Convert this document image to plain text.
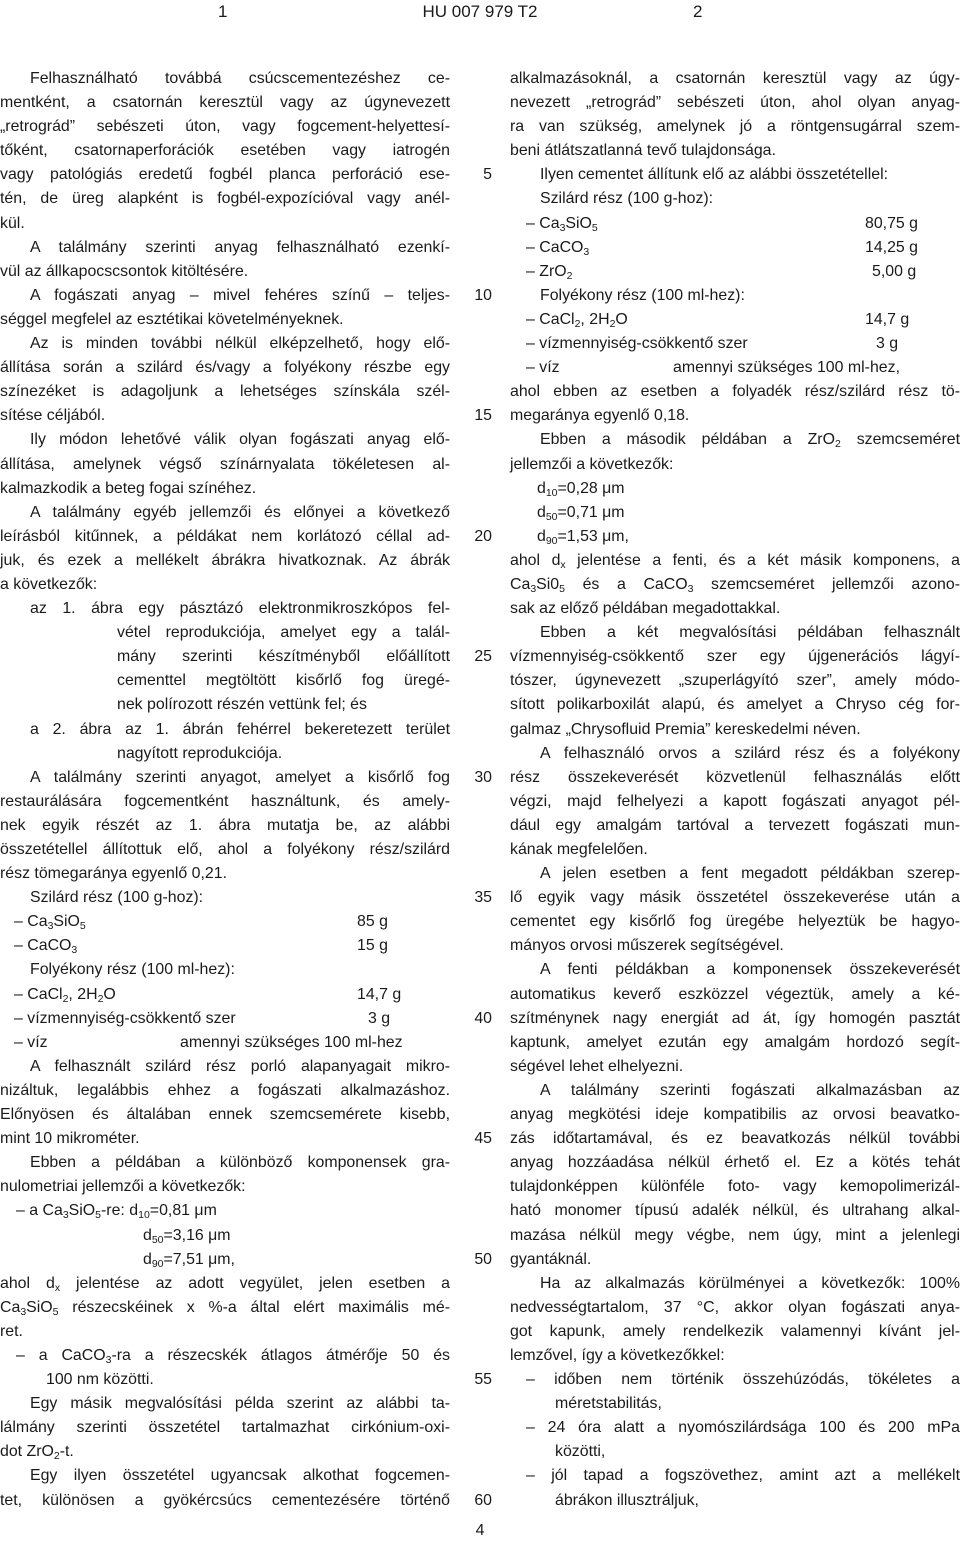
1	HU 007 979 T2	2
Felhasználható továbbá csúcscementezéshez ce-
mentként, a csatornán keresztül vagy az úgynevezett
„retrográd” sebészeti úton, vagy fogcement-helyettesí-
tőként, csatornaperforációk esetében vagy iatrogén
vagy patológiás eredetű fogbél planca perforáció ese-
tén, de üreg alapként is fogbél-expozícióval vagy anél-
kül.
A találmány szerinti anyag felhasználható ezenkí-
vül az állkapocscsontok kitöltésére.
A fogászati anyag – mivel fehéres színű – teljes-
séggel megfelel az esztétikai követelményeknek.
Az is minden további nélkül elképzelhető, hogy elő-
állítása során a szilárd és/vagy a folyékony részbe egy
színezéket is adagoljunk a lehetséges színskála szél-
sítése céljából.
Ily módon lehetővé válik olyan fogászati anyag elő-
állítása, amelynek végső színárnyalata tökéletesen al-
kalmazkodik a beteg fogai színéhez.
A találmány egyéb jellemzői és előnyei a következő
leírásból kitűnnek, a példákat nem korlátozó céllal ad-
juk, és ezek a mellékelt ábrákra hivatkoznak. Az ábrák
a következők:
az 1. ábra egy pásztázó elektronmikroszkópos fel-
vétel reprodukciója, amelyet egy a talál-
mány szerinti készítményből előállított
cementtel megtöltött kisőrlő fog üregé-
nek polírozott részén vettünk fel; és
a 2. ábra az 1. ábrán fehérrel bekeretezett terület
nagyított reprodukciója.
A találmány szerinti anyagot, amelyet a kisőrlő fog
restaurálására fogcementként használtunk, és amely-
nek egyik részét az 1. ábra mutatja be, az alábbi
összetétellel állítottuk elő, ahol a folyékony rész/szilárd
rész tömegaránya egyenlő 0,21.
Szilárd rész (100 g-hoz):
– $Ca_3SiO_5$	85 g
– CaCO$_3$	15 g
Folyékony rész (100 ml-hez):
– CaCl$_2$, $2H_2O$	14,7 g
– vízmennyiség-csökkentő szer	3 g
– víz	amennyi szükséges 100 ml-hez
A felhasznált szilárd rész porló alapanyagait mikro-
nizáltuk, legalábbis ehhez a fogászati alkalmazáshoz.
Előnyösen és általában ennek szemcsemérete kisebb,
mint 10 mikrométer.
Ebben a példában a különböző komponensek gra-
nulometriai jellemzői a következők:
– a $Ca_3SiO_5-re$: $d_{10}=0,81$ μm
$d_{50}=3,16$ μm
$d_{90}=7,51$ μm,
ahol $d_x$ jelentése az adott vegyület, jelen esetben a
$Ca_3SiO_5$ részecskéinek x %-a által elért maximális mé-
ret.
– a CaCO$_3$-ra a részecskék átlagos átmérője 50 és
100 nm közötti.
Egy másik megvalósítási példa szerint az alábbi ta-
lálmány szerinti összetétel tartalmazhat cirkónium-oxi-
dot ZrO$_2$-t.
Egy ilyen összetétel ugyancsak alkothat fogcemen-
tet, különösen a gyökércsúcs cementezésére történő
5
10
15
20
25
30
35
40
45
50
55
60
alkalmazásoknál, a csatornán keresztül vagy az úgy-
nevezett „retrográd” sebészeti úton, ahol olyan anyag-
ra van szükség, amelynek jó a röntgensugárral szem-
beni átlátszatlanná tevő tulajdonsága.
Ilyen cementet állítunk elő az alábbi összetétellel:
Szilárd rész (100 g-hoz):
– $Ca_3SiO_5$	80,75 g
– CaCO$_3$	14,25 g
– ZrO$_2$	5,00 g
Folyékony rész (100 ml-hez):
– CaCl$_2$, $2H_2O$	14,7 g
– vízmennyiség-csökkentő szer	3 g
– víz	amennyi szükséges 100 ml-hez,
ahol ebben az esetben a folyadék rész/szilárd rész tö-
megaránya egyenlő 0,18.
Ebben a második példában a ZrO$_2$ szemcseméret
jellemzői a következők:
$d_{10}=0,28$ μm
$d_{50}=0,71$ μm
$d_{90}=1,53$ μm,
ahol $d_x$ jelentése a fenti, és a két másik komponens, a
$Ca_3Si0_5$ és a CaCO$_3$ szemcseméret jellemzői azono-
sak az előző példában megadottakkal.
Ebben a két megvalósítási példában felhasznált
vízmennyiség-csökkentő szer egy újgenerációs lágyí-
tószer, úgynevezett „szuperlágyító szer”, amely módo-
sított polikarboxilát alapú, és amelyet a Chryso cég for-
galmaz „Chrysofluid Premia” kereskedelmi néven.
A felhasználó orvos a szilárd rész és a folyékony
rész összekeverését közvetlenül felhasználás előtt
végzi, majd felhelyezi a kapott fogászati anyagot pél-
dául egy amalgám tartóval a tervezett fogászati mun-
kának megfelelően.
A jelen esetben a fent megadott példákban szerep-
lő egyik vagy másik összetétel összekeverése után a
cementet egy kisőrlő fog üregébe helyeztük be hagyo-
mányos orvosi műszerek segítségével.
A fenti példákban a komponensek összekeverését
automatikus keverő eszközzel végeztük, amely a ké-
szítménynek nagy energiát ad át, így homogén pasztát
kaptunk, amelyet ezután egy amalgám hordozó segít-
ségével lehet elhelyezni.
A találmány szerinti fogászati alkalmazásban az
anyag megkötési ideje kompatibilis az orvosi beavatko-
zás időtartamával, és ez beavatkozás nélkül további
anyag hozzáadása nélkül érhető el. Ez a kötés tehát
tulajdonképpen különféle foto- vagy kemopolimerizál-
ható monomer típusú adalék nélkül, és ultrahang alkal-
mazása nélkül megy végbe, nem úgy, mint a jelenlegi
gyantáknál.
Ha az alkalmazás körülményei a következők: 100%
nedvességtartalom, 37 °C, akkor olyan fogászati anya-
got kapunk, amely rendelkezik valamennyi kívánt jel-
lemzővel, így a következőkkel:
– időben nem történik összehúzódás, tökéletes a
méretstabilitás,
– 24 óra alatt a nyomószilárdsága 100 és 200 mPa
közötti,
– jól tapad a fogszövethez, amint azt a mellékelt
ábrákon illusztráljuk,
4
